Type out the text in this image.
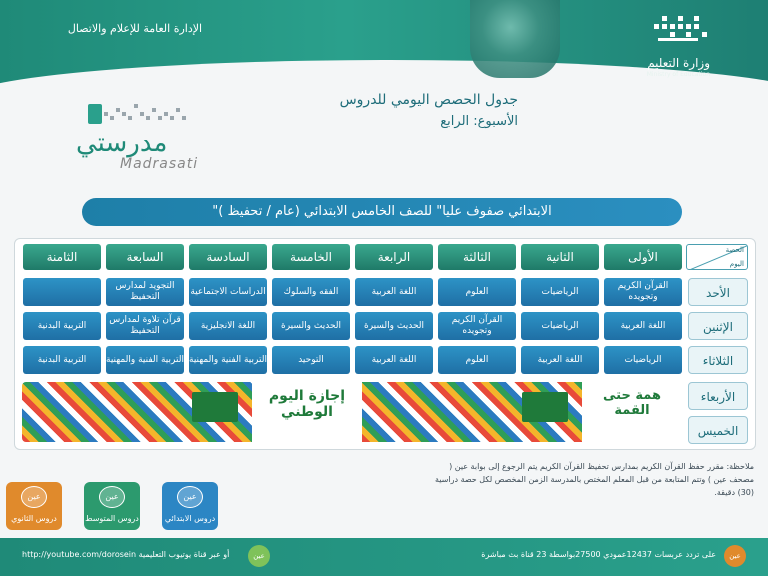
وزارة التعليم
Ministry of Education
الإدارة العامة للإعلام والاتصال
جدول الحصص اليومي للدروس
الأسبوع: الرابع
مدرستي
Madrasati
"الابتدائي صفوف عليا" للصف الخامس الابتدائي (عام / تحفيظ )
الحصة
اليوم
الأولى
الثانية
الثالثة
الرابعة
الخامسة
السادسة
السابعة
الثامنة
الأحد
الإثنين
الثلاثاء
الأربعاء
الخميس
القرآن الكريم وتجويده
الرياضيات
العلوم
اللغة العربية
الفقه والسلوك
الدراسات الاجتماعية
التجويد لمدارس التحفيظ
اللغة العربية
الرياضيات
القرآن الكريم وتجويده
الحديث والسيرة
الحديث والسيرة
اللغة الانجليزية
قرآن تلاوة لمدارس التحفيظ
التربية البدنية
الرياضيات
اللغة العربية
العلوم
اللغة العربية
التوحيد
التربية الفنية والمهنية
التربية الفنية والمهنية
التربية البدنية
إجازة اليوم الوطني
همة حتى القمة
ملاحظة: مقرر حفظ القرآن الكريم بمدارس تحفيظ القرآن الكريم يتم الرجوع إلى بوابة عين ( مصحف عين ) وتتم المتابعة من قبل المعلم المختص بالمدرسة الزمن المخصص لكل حصة دراسية (30) دقيقة.
عين
دروس الثانوي
عين
دروس المتوسط
عين
دروس الابتدائي
عين
http://youtube.com/dorosein أو عبر قناة يوتيوب التعليمية	على تردد عربسات 12437عمودي 27500بواسطة 23 قناة بث مباشرة	عين
